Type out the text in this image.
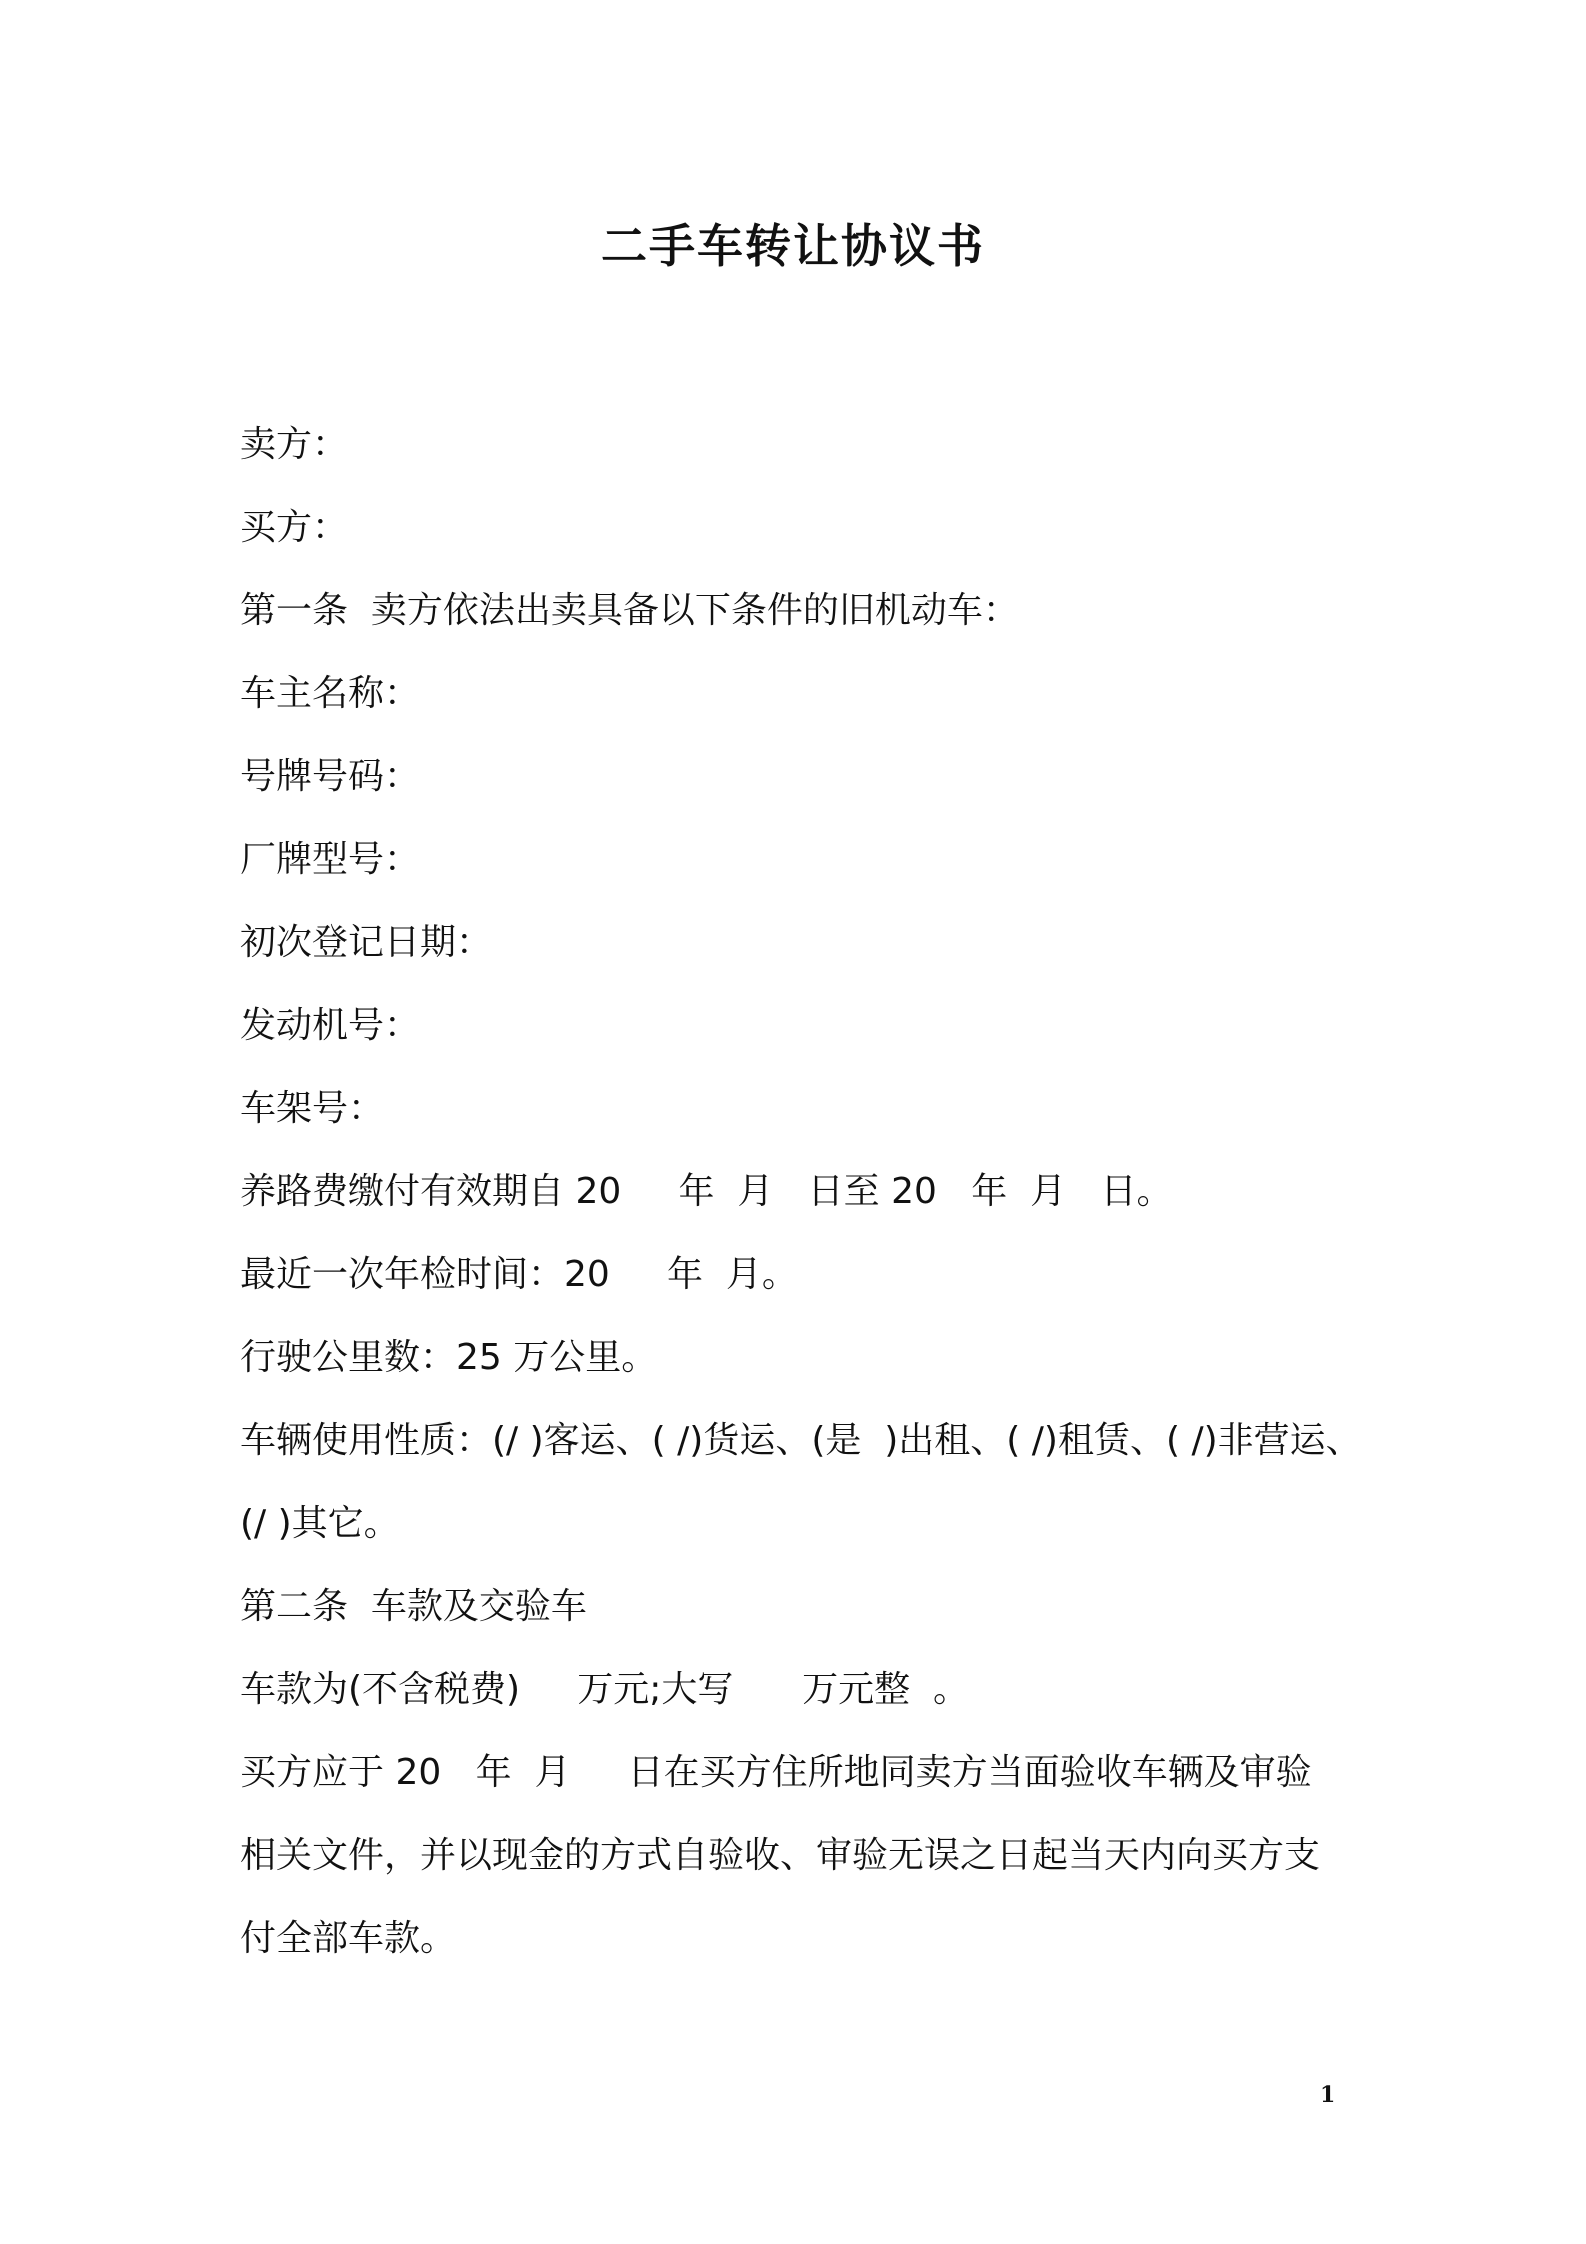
二手车转让协议书
卖方：
买方：
第一条  卖方依法出卖具备以下条件的旧机动车：
车主名称：
号牌号码：
厂牌型号：
初次登记日期：
发动机号：
车架号：
养路费缴付有效期自 20     年  月   日至 20   年  月   日。
最近一次年检时间：20     年  月。
行驶公里数：25 万公里。
车辆使用性质：(/ )客运、( /)货运、(是  )出租、( /)租赁、( /)非营运、
(/ )其它。
第二条  车款及交验车
车款为(不含税费)     万元;大写      万元整  。
买方应于 20   年  月     日在买方住所地同卖方当面验收车辆及审验
相关文件，并以现金的方式自验收、审验无误之日起当天内向买方支
付全部车款。
1
